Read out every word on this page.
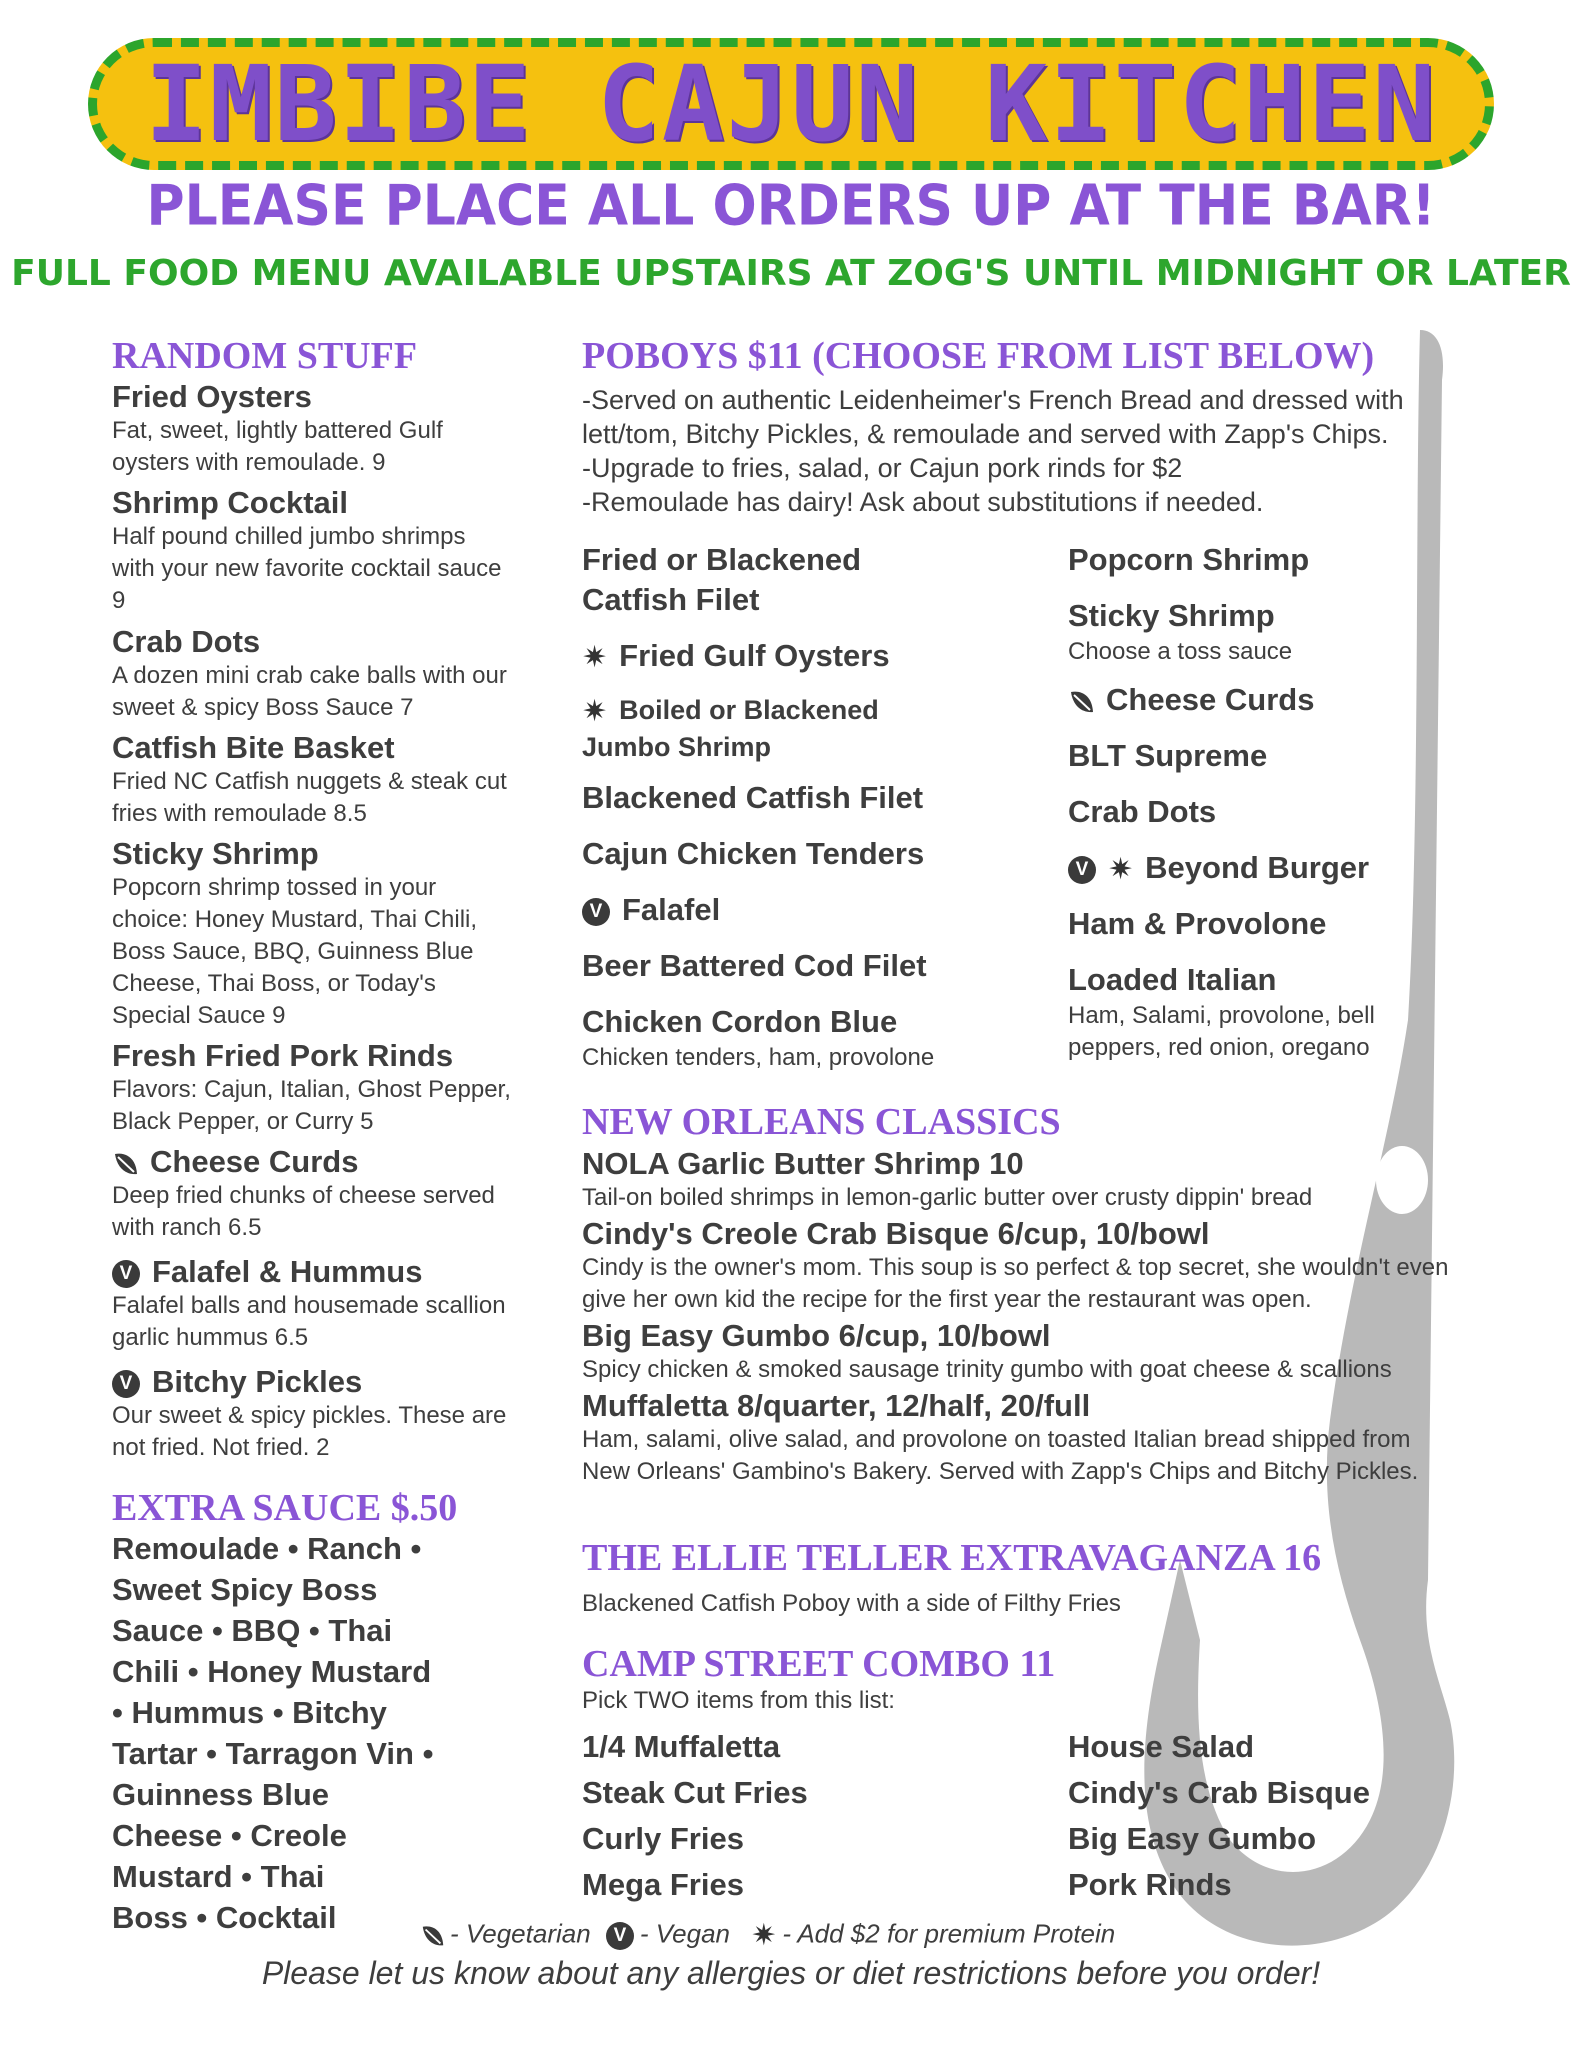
IMBIBE CAJUN KITCHEN
PLEASE PLACE ALL ORDERS UP AT THE BAR!
FULL FOOD MENU AVAILABLE UPSTAIRS AT ZOG'S UNTIL MIDNIGHT OR LATER
RANDOM STUFF
Fried Oysters
Fat, sweet, lightly battered Gulf oysters with remoulade. 9
Shrimp Cocktail
Half pound chilled jumbo shrimps with your new favorite cocktail sauce 9
Crab Dots
A dozen mini crab cake balls with our sweet & spicy Boss Sauce 7
Catfish Bite Basket
Fried NC Catfish nuggets & steak cut fries with remoulade 8.5
Sticky Shrimp
Popcorn shrimp tossed in your choice: Honey Mustard, Thai Chili, Boss Sauce, BBQ, Guinness Blue Cheese, Thai Boss, or Today's Special Sauce 9
Fresh Fried Pork Rinds
Flavors: Cajun, Italian, Ghost Pepper, Black Pepper, or Curry 5
Cheese Curds
Deep fried chunks of cheese served with ranch 6.5
V Falafel & Hummus
Falafel balls and housemade scallion garlic hummus 6.5
V Bitchy Pickles
Our sweet & spicy pickles. These are not fried. Not fried. 2
EXTRA SAUCE $.50
Remoulade • Ranch •
Sweet Spicy Boss
Sauce • BBQ • Thai
Chili • Honey Mustard
• Hummus • Bitchy
Tartar • Tarragon Vin •
Guinness Blue
Cheese • Creole
Mustard • Thai
Boss • Cocktail
POBOYS $11 (CHOOSE FROM LIST BELOW)
-Served on authentic Leidenheimer's French Bread and dressed with lett/tom, Bitchy Pickles, & remoulade and served with Zapp's Chips.
-Upgrade to fries, salad, or Cajun pork rinds for $2
-Remoulade has dairy! Ask about substitutions if needed.
Fried or Blackened Catfish Filet
✷ Fried Gulf Oysters
✷ Boiled or Blackened
Jumbo Shrimp
Blackened Catfish Filet
Cajun Chicken Tenders
V Falafel
Beer Battered Cod Filet
Chicken Cordon Blue
Chicken tenders, ham, provolone
Popcorn Shrimp
Sticky Shrimp
Choose a toss sauce
Cheese Curds
BLT Supreme
Crab Dots
V ✷ Beyond Burger
Ham & Provolone
Loaded Italian
Ham, Salami, provolone, bell peppers, red onion, oregano
NEW ORLEANS CLASSICS
NOLA Garlic Butter Shrimp 10
Tail-on boiled shrimps in lemon-garlic butter over crusty dippin' bread
Cindy's Creole Crab Bisque 6/cup, 10/bowl
Cindy is the owner's mom. This soup is so perfect & top secret, she wouldn't even give her own kid the recipe for the first year the restaurant was open.
Big Easy Gumbo 6/cup, 10/bowl
Spicy chicken & smoked sausage trinity gumbo with goat cheese & scallions
Muffaletta 8/quarter, 12/half, 20/full
Ham, salami, olive salad, and provolone on toasted Italian bread shipped from New Orleans' Gambino's Bakery. Served with Zapp's Chips and Bitchy Pickles.
THE ELLIE TELLER EXTRAVAGANZA 16
Blackened Catfish Poboy with a side of Filthy Fries
CAMP STREET COMBO 11
Pick TWO items from this list:
1/4 Muffaletta
Steak Cut Fries
Curly Fries
Mega Fries
House Salad
Cindy's Crab Bisque
Big Easy Gumbo
Pork Rinds
- Vegetarian V - Vegan ✷ - Add $2 for premium Protein
Please let us know about any allergies or diet restrictions before you order!
